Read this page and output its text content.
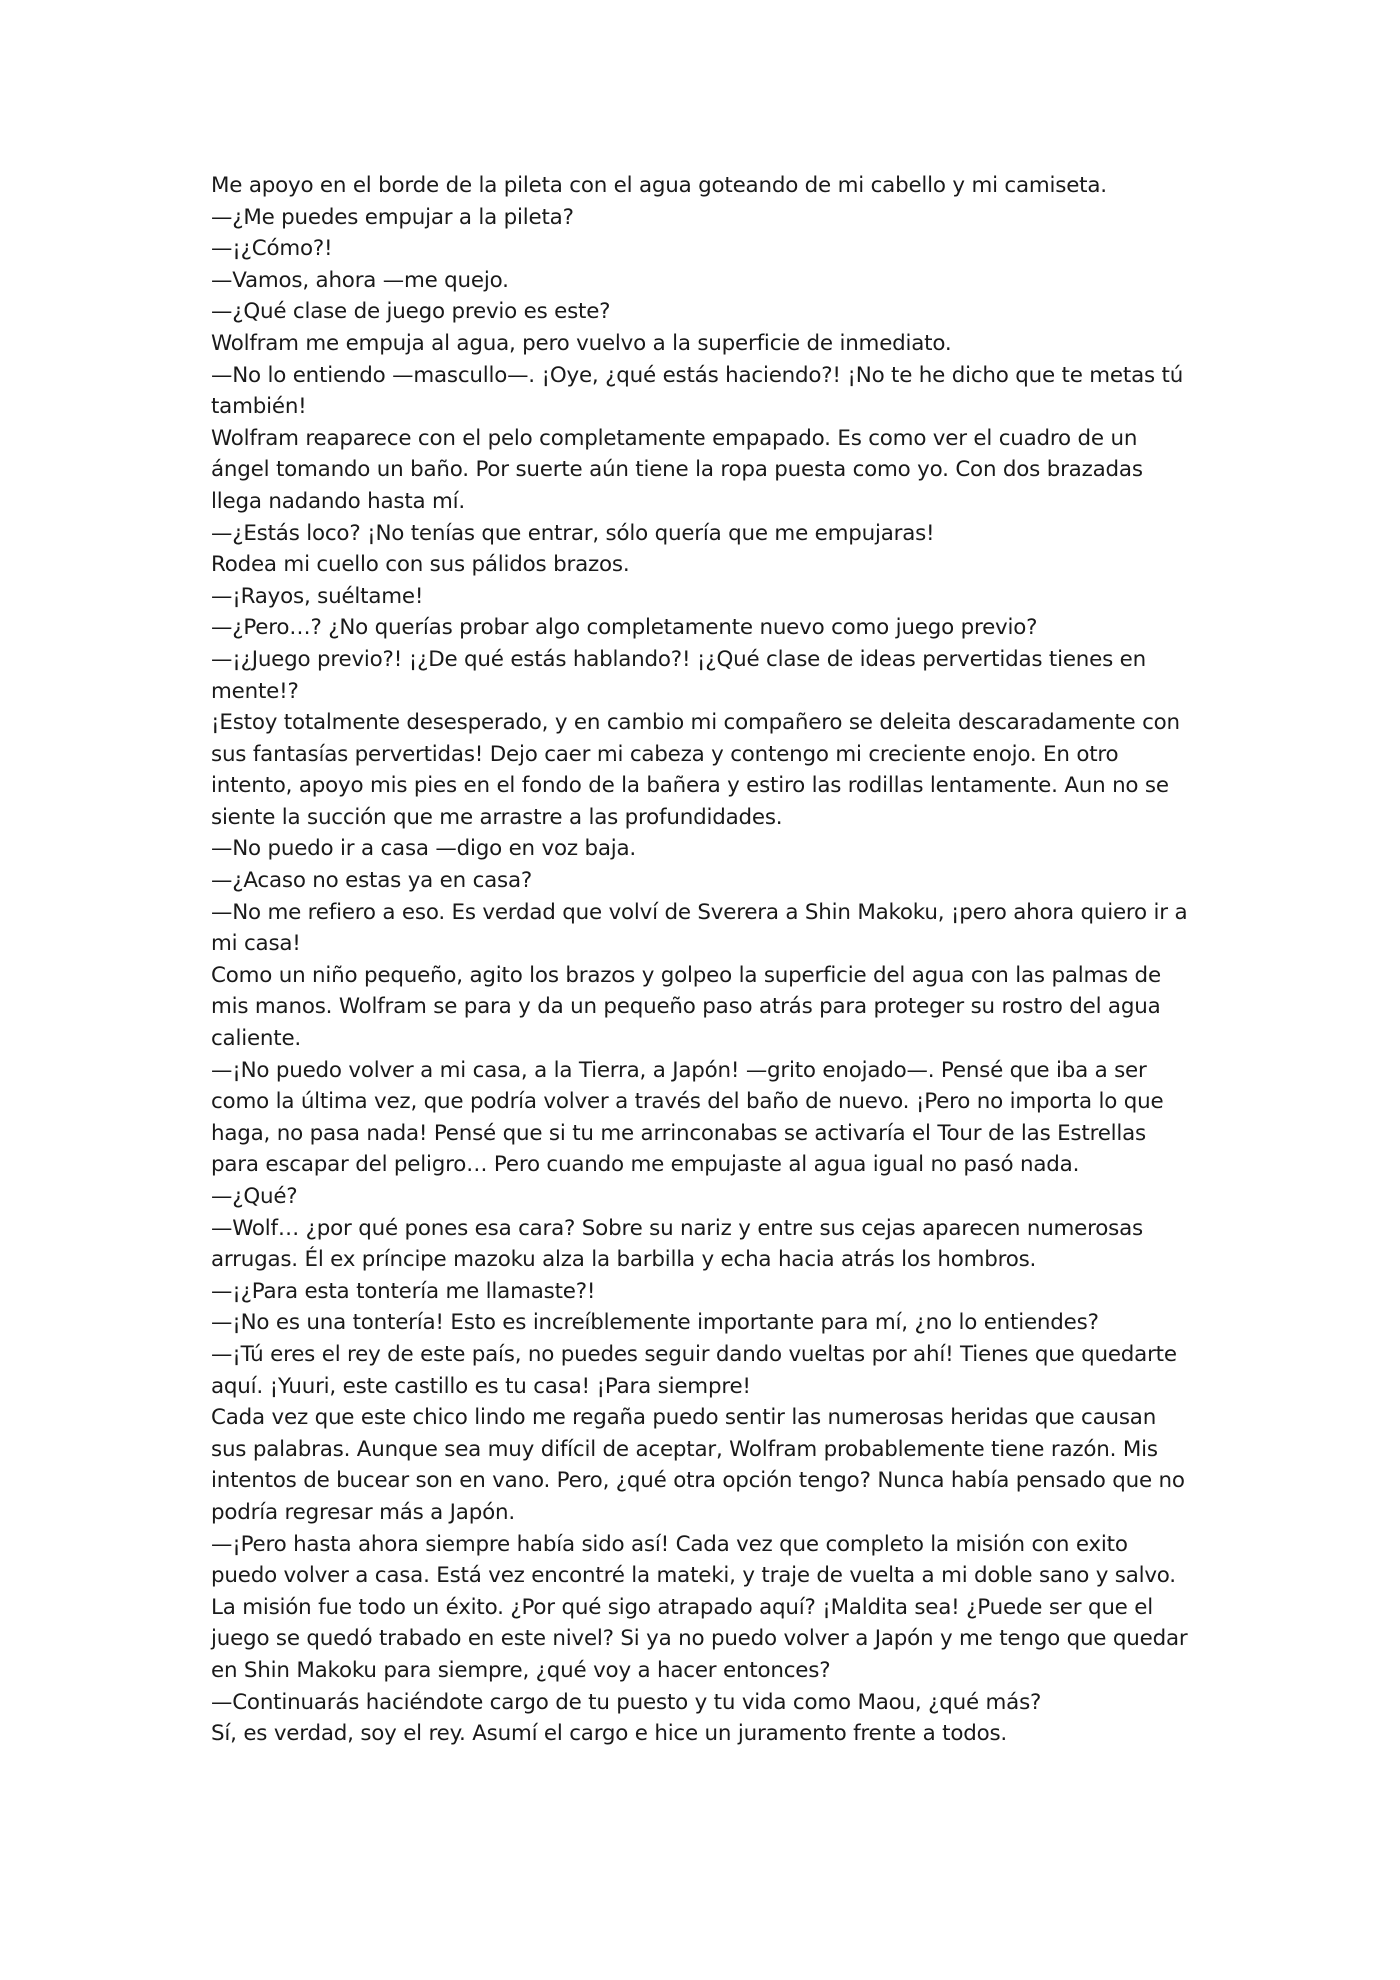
Me apoyo en el borde de la pileta con el agua goteando de mi cabello y mi camiseta.

—¿Me puedes empujar a la pileta?

—¡¿Cómo?!

—Vamos, ahora —me quejo.

—¿Qué clase de juego previo es este?

Wolfram me empuja al agua, pero vuelvo a la superficie de inmediato.

—No lo entiendo —mascullo—. ¡Oye, ¿qué estás haciendo?! ¡No te he dicho que te metas tú también!

Wolfram reaparece con el pelo completamente empapado. Es como ver el cuadro de un ángel tomando un baño. Por suerte aún tiene la ropa puesta como yo. Con dos brazadas llega nadando hasta mí.

—¿Estás loco? ¡No tenías que entrar, sólo quería que me empujaras!

Rodea mi cuello con sus pálidos brazos.

—¡Rayos, suéltame!

—¿Pero…? ¿No querías probar algo completamente nuevo como juego previo?

—¡¿Juego previo?! ¡¿De qué estás hablando?! ¡¿Qué clase de ideas pervertidas tienes en mente!?

¡Estoy totalmente desesperado, y en cambio mi compañero se deleita descaradamente con sus fantasías pervertidas! Dejo caer mi cabeza y contengo mi creciente enojo. En otro intento, apoyo mis pies en el fondo de la bañera y estiro las rodillas lentamente. Aun no se siente la succión que me arrastre a las profundidades.

—No puedo ir a casa —digo en voz baja.

—¿Acaso no estas ya en casa?

—No me refiero a eso. Es verdad que volví de Sverera a Shin Makoku, ¡pero ahora quiero ir a mi casa!

Como un niño pequeño, agito los brazos y golpeo la superficie del agua con las palmas de mis manos. Wolfram se para y da un pequeño paso atrás para proteger su rostro del agua caliente.

—¡No puedo volver a mi casa, a la Tierra, a Japón! —grito enojado—. Pensé que iba a ser como la última vez, que podría volver a través del baño de nuevo. ¡Pero no importa lo que haga, no pasa nada! Pensé que si tu me arrinconabas se activaría el Tour de las Estrellas para escapar del peligro… Pero cuando me empujaste al agua igual no pasó nada.

—¿Qué?

—Wolf… ¿por qué pones esa cara? Sobre su nariz y entre sus cejas aparecen numerosas arrugas. Él ex príncipe mazoku alza la barbilla y echa hacia atrás los hombros.

—¡¿Para esta tontería me llamaste?!

—¡No es una tontería! Esto es increíblemente importante para mí, ¿no lo entiendes?

—¡Tú eres el rey de este país, no puedes seguir dando vueltas por ahí! Tienes que quedarte aquí. ¡Yuuri, este castillo es tu casa! ¡Para siempre!

Cada vez que este chico lindo me regaña puedo sentir las numerosas heridas que causan sus palabras. Aunque sea muy difícil de aceptar, Wolfram probablemente tiene razón. Mis intentos de bucear son en vano. Pero, ¿qué otra opción tengo? Nunca había pensado que no podría regresar más a Japón.

—¡Pero hasta ahora siempre había sido así! Cada vez que completo la misión con exito puedo volver a casa. Está vez encontré la mateki, y traje de vuelta a mi doble sano y salvo. La misión fue todo un éxito. ¿Por qué sigo atrapado aquí? ¡Maldita sea! ¿Puede ser que el juego se quedó trabado en este nivel? Si ya no puedo volver a Japón y me tengo que quedar en Shin Makoku para siempre, ¿qué voy a hacer entonces?

—Continuarás haciéndote cargo de tu puesto y tu vida como Maou, ¿qué más?

Sí, es verdad, soy el rey. Asumí el cargo e hice un juramento frente a todos.
